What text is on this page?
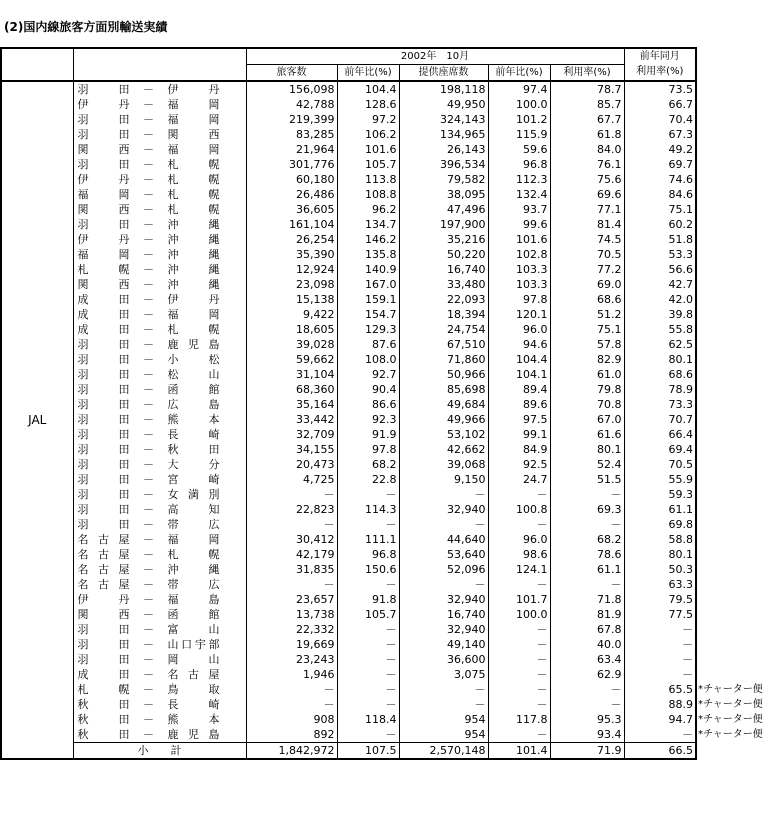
(2)国内線旅客方面別輸送実績
		2002年　10月					前年同月	
		旅客数	前年比(%)	提供座席数	前年比(%)	利用率(%)	利用率(%)	
JAL	羽田 － 伊丹	156,098	104.4	198,118	97.4	78.7	73.5	
	伊丹 － 福岡	42,788	128.6	49,950	100.0	85.7	66.7	
	羽田 － 福岡	219,399	97.2	324,143	101.2	67.7	70.4	
	羽田 － 関西	83,285	106.2	134,965	115.9	61.8	67.3	
	関西 － 福岡	21,964	101.6	26,143	59.6	84.0	49.2	
	羽田 － 札幌	301,776	105.7	396,534	96.8	76.1	69.7	
	伊丹 － 札幌	60,180	113.8	79,582	112.3	75.6	74.6	
	福岡 － 札幌	26,486	108.8	38,095	132.4	69.6	84.6	
	関西 － 札幌	36,605	96.2	47,496	93.7	77.1	75.1	
	羽田 － 沖縄	161,104	134.7	197,900	99.6	81.4	60.2	
	伊丹 － 沖縄	26,254	146.2	35,216	101.6	74.5	51.8	
	福岡 － 沖縄	35,390	135.8	50,220	102.8	70.5	53.3	
	札幌 － 沖縄	12,924	140.9	16,740	103.3	77.2	56.6	
	関西 － 沖縄	23,098	167.0	33,480	103.3	69.0	42.7	
	成田 － 伊丹	15,138	159.1	22,093	97.8	68.6	42.0	
	成田 － 福岡	9,422	154.7	18,394	120.1	51.2	39.8	
	成田 － 札幌	18,605	129.3	24,754	96.0	75.1	55.8	
	羽田 － 鹿児島	39,028	87.6	67,510	94.6	57.8	62.5	
	羽田 － 小松	59,662	108.0	71,860	104.4	82.9	80.1	
	羽田 － 松山	31,104	92.7	50,966	104.1	61.0	68.6	
	羽田 － 函館	68,360	90.4	85,698	89.4	79.8	78.9	
	羽田 － 広島	35,164	86.6	49,684	89.6	70.8	73.3	
	羽田 － 熊本	33,442	92.3	49,966	97.5	67.0	70.7	
	羽田 － 長崎	32,709	91.9	53,102	99.1	61.6	66.4	
	羽田 － 秋田	34,155	97.8	42,662	84.9	80.1	69.4	
	羽田 － 大分	20,473	68.2	39,068	92.5	52.4	70.5	
	羽田 － 宮崎	4,725	22.8	9,150	24.7	51.5	55.9	
	羽田 － 女満別	－	－	－	－	－	59.3	
	羽田 － 高知	22,823	114.3	32,940	100.8	69.3	61.1	
	羽田 － 帯広	－	－	－	－	－	69.8	
	名古屋 － 福岡	30,412	111.1	44,640	96.0	68.2	58.8	
	名古屋 － 札幌	42,179	96.8	53,640	98.6	78.6	80.1	
	名古屋 － 沖縄	31,835	150.6	52,096	124.1	61.1	50.3	
	名古屋 － 帯広	－	－	－	－	－	63.3	
	伊丹 － 福島	23,657	91.8	32,940	101.7	71.8	79.5	
	関西 － 函館	13,738	105.7	16,740	100.0	81.9	77.5	
	羽田 － 富山	22,332	－	32,940	－	67.8	－	
	羽田 － 山口宇部	19,669	－	49,140	－	40.0	－	
	羽田 － 岡山	23,243	－	36,600	－	63.4	－	
	成田 － 名古屋	1,946	－	3,075	－	62.9	－	
	札幌 － 鳥取	－	－	－	－	－	65.5	*チャーター便
	秋田 － 長崎	－	－	－	－	－	88.9	*チャーター便
	秋田 － 熊本	908	118.4	954	117.8	95.3	94.7	*チャーター便
	秋田 － 鹿児島	892	－	954	－	93.4	－	*チャーター便
	小　　計	1,842,972	107.5	2,570,148	101.4	71.9	66.5	
